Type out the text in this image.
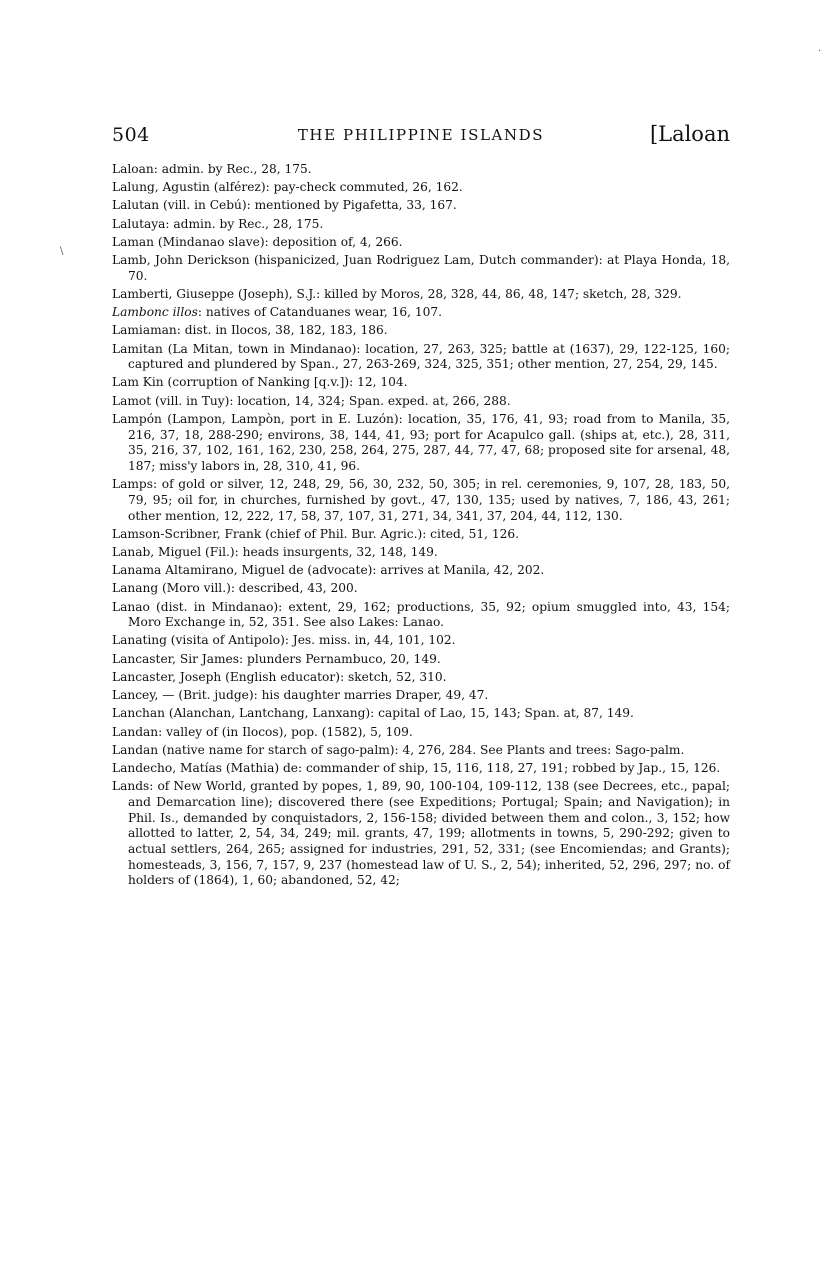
504	THE PHILIPPINE ISLANDS	[Laloan
·
\
Laloan: admin. by Rec., 28, 175.
Lalung, Agustin (alférez): pay-check commuted, 26, 162.
Lalutan (vill. in Cebú): mentioned by Pigafetta, 33, 167.
Lalutaya: admin. by Rec., 28, 175.
Laman (Mindanao slave): deposition of, 4, 266.
Lamb, John Derickson (hispanicized, Juan Rodriguez Lam, Dutch commander): at Playa Honda, 18, 70.
Lamberti, Giuseppe (Joseph), S.J.: killed by Moros, 28, 328, 44, 86, 48, 147; sketch, 28, 329.
Lambonc illos: natives of Catanduanes wear, 16, 107.
Lamiaman: dist. in Ilocos, 38, 182, 183, 186.
Lamitan (La Mitan, town in Mindanao): location, 27, 263, 325; battle at (1637), 29, 122-125, 160; captured and plundered by Span., 27, 263-269, 324, 325, 351; other mention, 27, 254, 29, 145.
Lam Kin (corruption of Nanking [q.v.]): 12, 104.
Lamot (vill. in Tuy): location, 14, 324; Span. exped. at, 266, 288.
Lampón (Lampon, Lampòn, port in E. Luzón): location, 35, 176, 41, 93; road from to Manila, 35, 216, 37, 18, 288-290; environs, 38, 144, 41, 93; port for Acapulco gall. (ships at, etc.), 28, 311, 35, 216, 37, 102, 161, 162, 230, 258, 264, 275, 287, 44, 77, 47, 68; proposed site for arsenal, 48, 187; miss'y labors in, 28, 310, 41, 96.
Lamps: of gold or silver, 12, 248, 29, 56, 30, 232, 50, 305; in rel. ceremonies, 9, 107, 28, 183, 50, 79, 95; oil for, in churches, furnished by govt., 47, 130, 135; used by natives, 7, 186, 43, 261; other mention, 12, 222, 17, 58, 37, 107, 31, 271, 34, 341, 37, 204, 44, 112, 130.
Lamson-Scribner, Frank (chief of Phil. Bur. Agric.): cited, 51, 126.
Lanab, Miguel (Fil.): heads insurgents, 32, 148, 149.
Lanama Altamirano, Miguel de (advocate): arrives at Manila, 42, 202.
Lanang (Moro vill.): described, 43, 200.
Lanao (dist. in Mindanao): extent, 29, 162; productions, 35, 92; opium smuggled into, 43, 154; Moro Exchange in, 52, 351. See also Lakes: Lanao.
Lanating (visita of Antipolo): Jes. miss. in, 44, 101, 102.
Lancaster, Sir James: plunders Pernambuco, 20, 149.
Lancaster, Joseph (English educator): sketch, 52, 310.
Lancey, — (Brit. judge): his daughter marries Draper, 49, 47.
Lanchan (Alanchan, Lantchang, Lanxang): capital of Lao, 15, 143; Span. at, 87, 149.
Landan: valley of (in Ilocos), pop. (1582), 5, 109.
Landan (native name for starch of sago-palm): 4, 276, 284. See Plants and trees: Sago-palm.
Landecho, Matías (Mathia) de: commander of ship, 15, 116, 118, 27, 191; robbed by Jap., 15, 126.
Lands: of New World, granted by popes, 1, 89, 90, 100-104, 109-112, 138 (see Decrees, etc., papal; and Demarcation line); discovered there (see Expeditions; Portugal; Spain; and Navigation); in Phil. Is., demanded by conquistadors, 2, 156-158; divided between them and colon., 3, 152; how allotted to latter, 2, 54, 34, 249; mil. grants, 47, 199; allotments in towns, 5, 290-292; given to actual settlers, 264, 265; assigned for industries, 291, 52, 331; (see Encomiendas; and Grants); homesteads, 3, 156, 7, 157, 9, 237 (homestead law of U. S., 2, 54); inherited, 52, 296, 297; no. of holders of (1864), 1, 60; abandoned, 52, 42;
